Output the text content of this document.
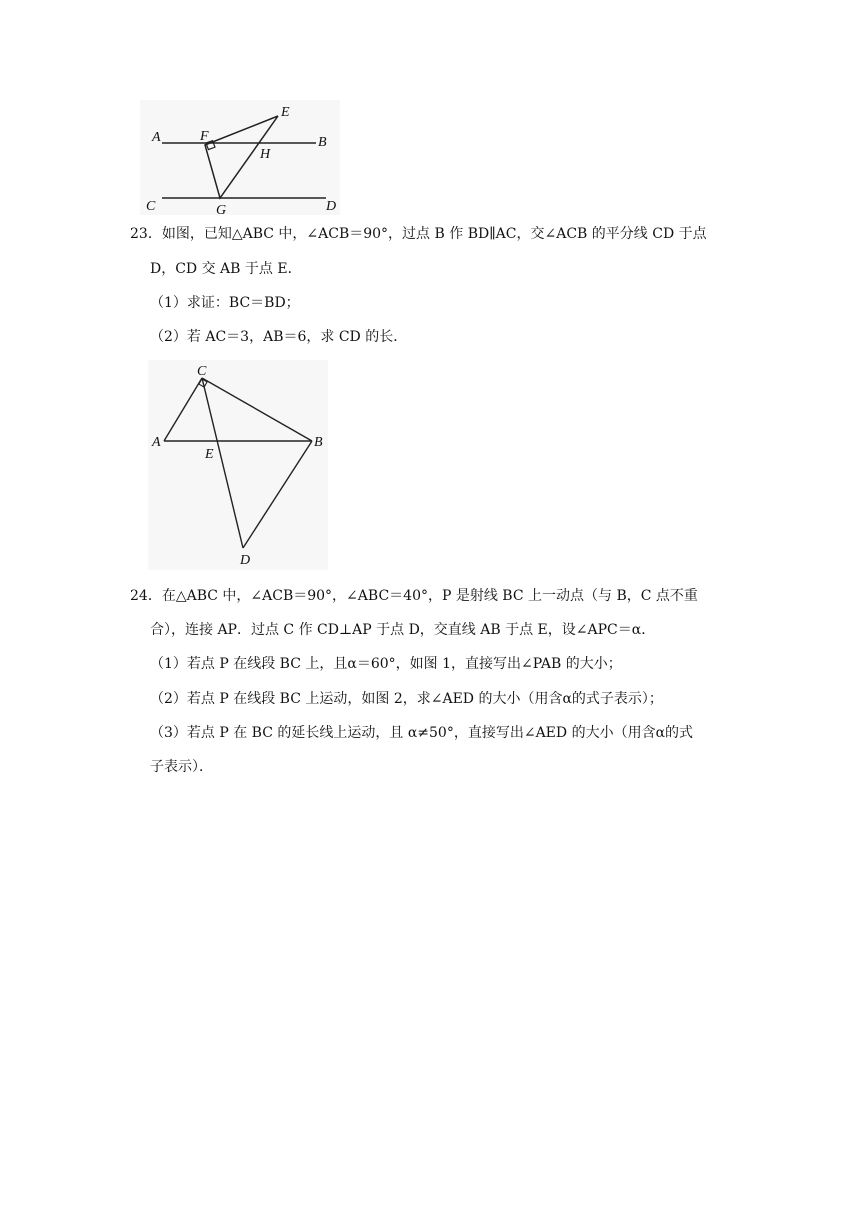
A	F
E
H
B
C	G	D
23．如图，已知△ABC 中，∠ACB＝90°，过点 B 作 BD∥AC，交∠ACB 的平分线 CD 于点
D，CD 交 AB 于点 E．
（1）求证：BC＝BD；
（2）若 AC＝3，AB＝6，求 CD 的长．
C
A
E
B
D
24．在△ABC 中，∠ACB＝90°，∠ABC＝40°，P 是射线 BC 上一动点（与 B，C 点不重
合），连接 AP．过点 C 作 CD⊥AP 于点 D，交直线 AB 于点 E，设∠APC＝α．
（1）若点 P 在线段 BC 上，且α＝60°，如图 1，直接写出∠PAB 的大小；
（2）若点 P 在线段 BC 上运动，如图 2，求∠AED 的大小（用含α的式子表示）；
（3）若点 P 在 BC 的延长线上运动，且 α≠50°，直接写出∠AED 的大小（用含α的式
子表示）．
